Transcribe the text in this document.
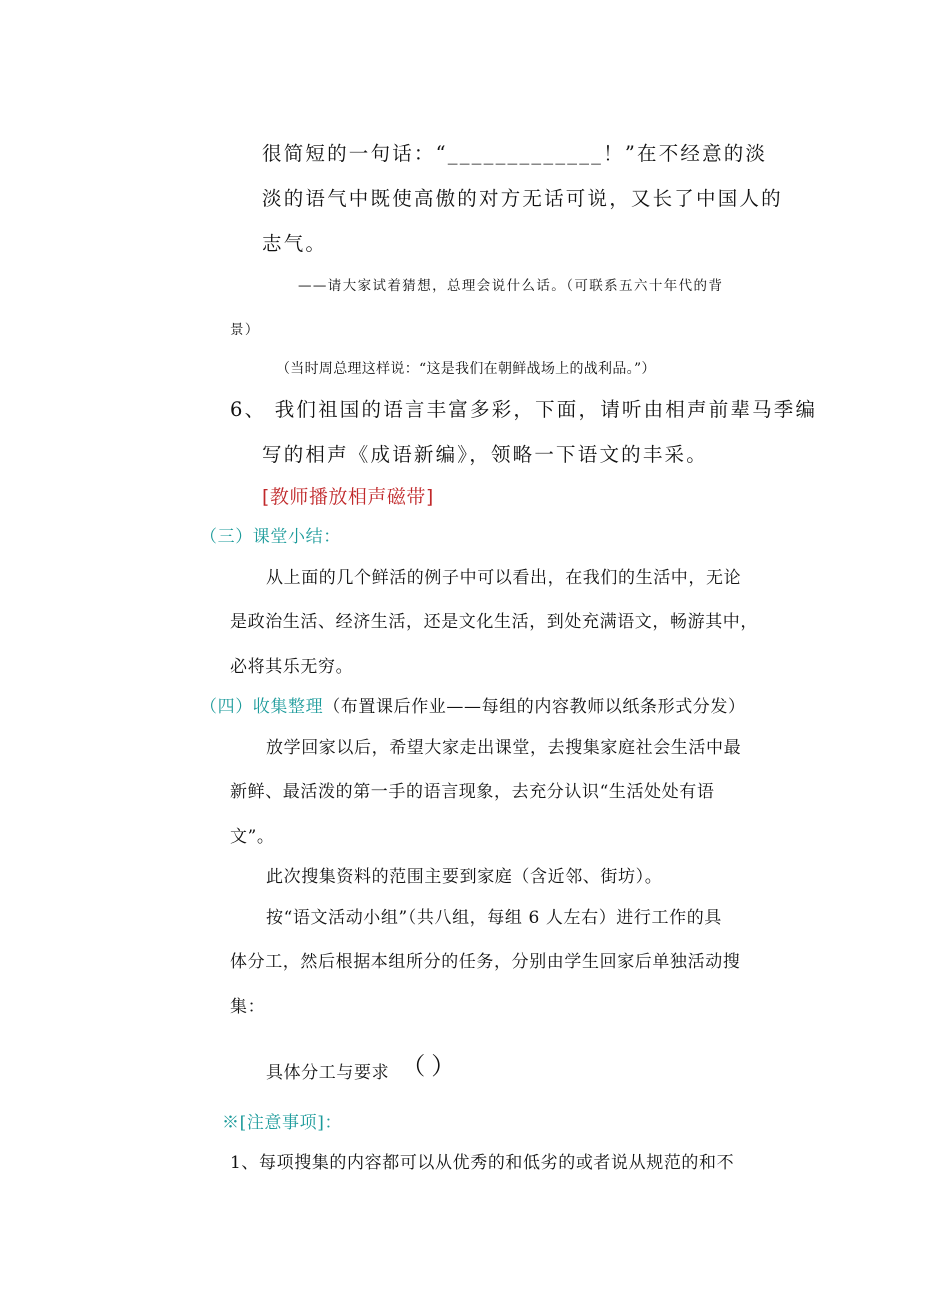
很简短的一句话：“_____________！”在不经意的淡
淡的语气中既使高傲的对方无话可说，又长了中国人的
志气。
——请大家试着猜想，总理会说什么话。（可联系五六十年代的背
景）
（当时周总理这样说：“这是我们在朝鲜战场上的战利品。”）
6、 我们祖国的语言丰富多彩，下面，请听由相声前辈马季编
写的相声《成语新编》，领略一下语文的丰采。
[教师播放相声磁带]
（三）课堂小结：
从上面的几个鲜活的例子中可以看出，在我们的生活中，无论
是政治生活、经济生活，还是文化生活，到处充满语文，畅游其中，
必将其乐无穷。
（四）收集整理（布置课后作业——每组的内容教师以纸条形式分发）
放学回家以后，希望大家走出课堂，去搜集家庭社会生活中最
新鲜、最活泼的第一手的语言现象，去充分认识“生活处处有语
文”。
此次搜集资料的范围主要到家庭（含近邻、街坊）。
按“语文活动小组”（共八组，每组 6 人左右）进行工作的具
体分工，然后根据本组所分的任务，分别由学生回家后单独活动搜
集：
具体分工与要求 （）
※[注意事项]：
1、每项搜集的内容都可以从优秀的和低劣的或者说从规范的和不
